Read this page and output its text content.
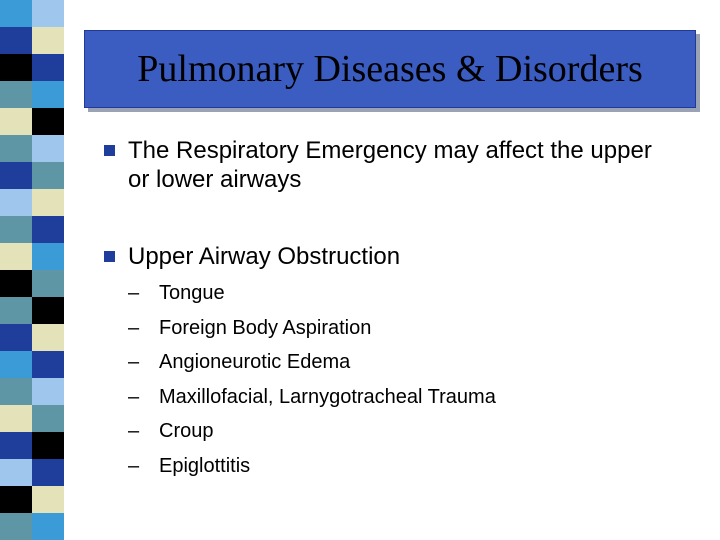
Pulmonary Diseases & Disorders
The Respiratory Emergency may affect the upper or lower airways
Upper Airway Obstruction
– Tongue
– Foreign Body Aspiration
– Angioneurotic Edema
– Maxillofacial, Larnygotracheal Trauma
– Croup
– Epiglottitis
